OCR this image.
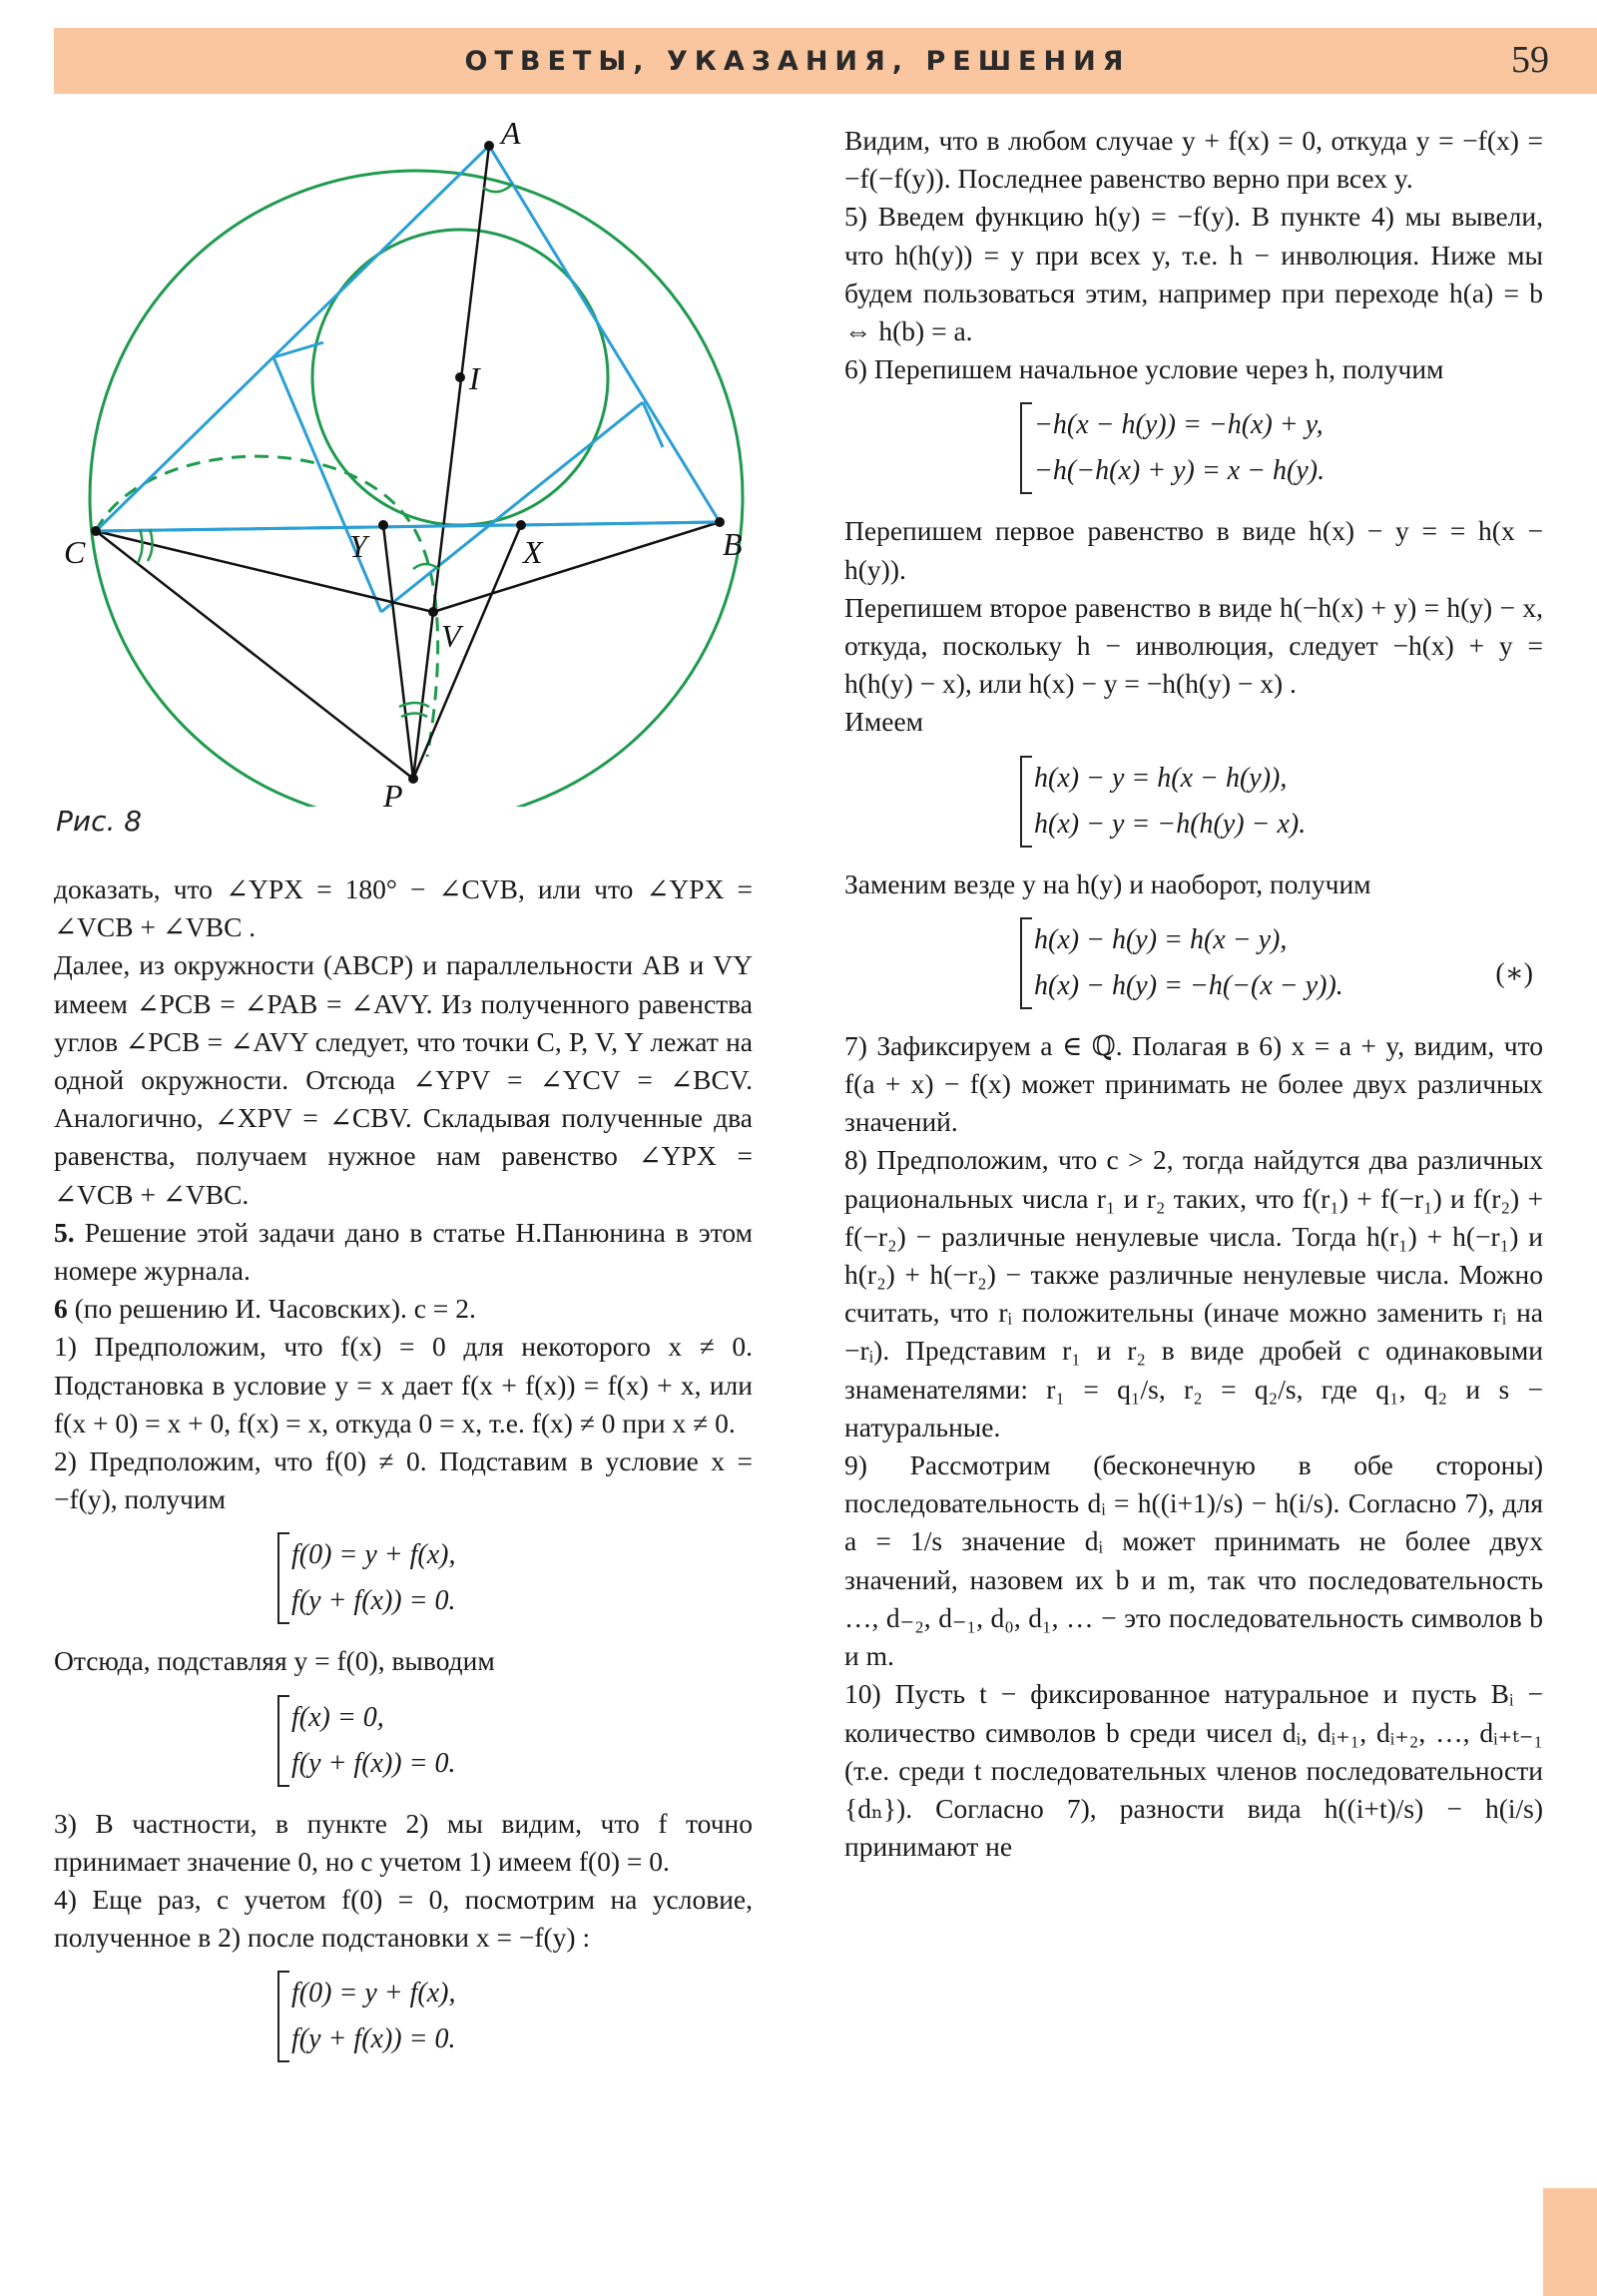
ОТВЕТЫ, УКАЗАНИЯ, РЕШЕНИЯ	59
A
B
C
I
Y	X
V
P
Рис. 8

доказать, что ∠YPX = 180° − ∠CVB, или что ∠YPX = ∠VCB + ∠VBC .

Далее, из окружности (ABCP) и параллельности AB и VY имеем ∠PCB = ∠PAB = ∠AVY. Из полученного равенства углов ∠PCB = ∠AVY следует, что точки C, P, V, Y лежат на одной окружности. Отсюда ∠YPV = ∠YCV = ∠BCV. Аналогично, ∠XPV = ∠CBV. Складывая полученные два равенства, получаем нужное нам равенство ∠YPX = ∠VCB + ∠VBC.

5. Решение этой задачи дано в статье Н.Панюнина в этом номере журнала.

6 (по решению И. Часовских). c = 2.

1) Предположим, что f(x) = 0 для некоторого x ≠ 0. Подстановка в условие y = x дает f(x + f(x)) = f(x) + x, или f(x + 0) = x + 0, f(x) = x, откуда 0 = x, т.е. f(x) ≠ 0 при x ≠ 0.

2) Предположим, что f(0) ≠ 0. Подставим в условие x = −f(y), получим

f(0) = y + f(x),
f(y + f(x)) = 0.

Отсюда, подставляя y = f(0), выводим

f(x) = 0,
f(y + f(x)) = 0.

3) В частности, в пункте 2) мы видим, что f точно принимает значение 0, но с учетом 1) имеем f(0) = 0.

4) Еще раз, с учетом f(0) = 0, посмотрим на условие, полученное в 2) после подстановки x = −f(y) :

f(0) = y + f(x),
f(y + f(x)) = 0.

Видим, что в любом случае y + f(x) = 0, откуда y = −f(x) = −f(−f(y)). Последнее равенство верно при всех y.

5) Введем функцию h(y) = −f(y). В пункте 4) мы вывели, что h(h(y)) = y при всех y, т.е. h − инволюция. Ниже мы будем пользоваться этим, например при переходе h(a) = b ⇔ h(b) = a.

6) Перепишем начальное условие через h, получим

−h(x − h(y)) = −h(x) + y,
−h(−h(x) + y) = x − h(y).

Перепишем первое равенство в виде h(x) − y = = h(x − h(y)).

Перепишем второе равенство в виде h(−h(x) + y) = h(y) − x, откуда, поскольку h − инволюция, следует −h(x) + y = h(h(y) − x), или h(x) − y = −h(h(y) − x) .

Имеем

h(x) − y = h(x − h(y)),
h(x) − y = −h(h(y) − x).

Заменим везде y на h(y) и наоборот, получим

h(x) − h(y) = h(x − y),
h(x) − h(y) = −h(−(x − y)).	(∗)

7) Зафиксируем a ∈ ℚ. Полагая в 6) x = a + y, видим, что f(a + x) − f(x) может принимать не более двух различных значений.

8) Предположим, что c > 2, тогда найдутся два различных рациональных числа r₁ и r₂ таких, что f(r₁) + f(−r₁) и f(r₂) + f(−r₂) − различные ненулевые числа. Тогда h(r₁) + h(−r₁) и h(r₂) + h(−r₂) − также различные ненулевые числа. Можно считать, что rᵢ положительны (иначе можно заменить rᵢ на −rᵢ). Представим r₁ и r₂ в виде дробей с одинаковыми знаменателями: r₁ = q₁/s, r₂ = q₂/s, где q₁, q₂ и s − натуральные.

9) Рассмотрим (бесконечную в обе стороны) последовательность dᵢ = h((i+1)/s) − h(i/s). Согласно 7), для a = 1/s значение dᵢ может принимать не более двух значений, назовем их b и m, так что последовательность …, d₋₂, d₋₁, d₀, d₁, … − это последовательность символов b и m.

10) Пусть t − фиксированное натуральное и пусть Bᵢ − количество символов b среди чисел dᵢ, dᵢ₊₁, dᵢ₊₂, …, dᵢ₊ₜ₋₁ (т.е. среди t последовательных членов последовательности {dₙ}). Согласно 7), разности вида h((i+t)/s) − h(i/s) принимают не
